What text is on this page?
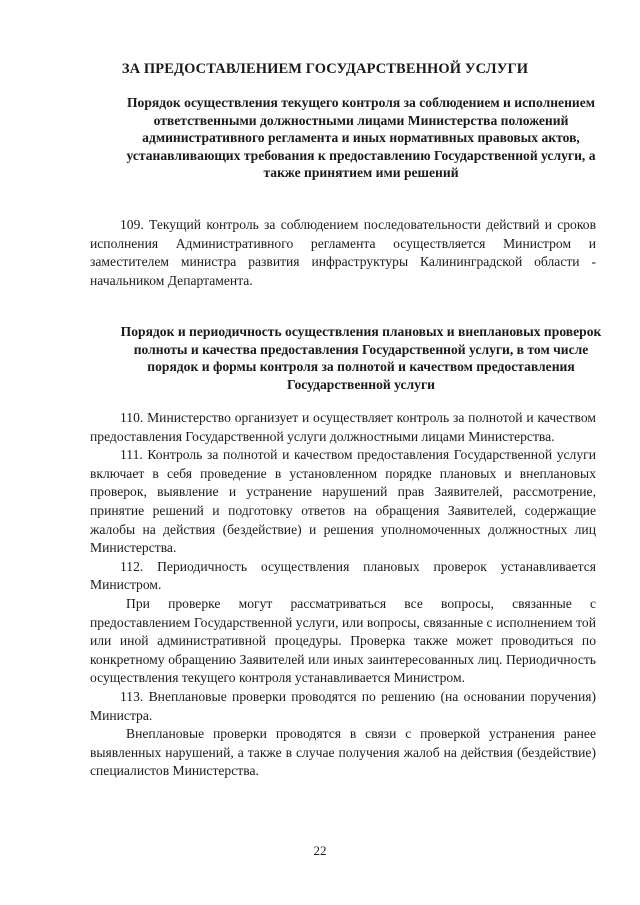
ЗА ПРЕДОСТАВЛЕНИЕМ ГОСУДАРСТВЕННОЙ УСЛУГИ
Порядок осуществления текущего контроля за соблюдением и исполнением ответственными должностными лицами Министерства положений административного регламента и иных нормативных правовых актов, устанавливающих требования к предоставлению Государственной услуги, а также принятием ими решений

109. Текущий контроль за соблюдением последовательности действий и сроков исполнения Административного регламента осуществляется Министром и заместителем министра развития инфраструктуры Калининградской области - начальником Департамента.

Порядок и периодичность осуществления плановых и внеплановых проверок полноты и качества предоставления Государственной услуги, в том числе порядок и формы контроля за полнотой и качеством предоставления Государственной услуги

110. Министерство организует и осуществляет контроль за полнотой и качеством предоставления Государственной услуги должностными лицами Министерства.

111. Контроль за полнотой и качеством предоставления Государственной услуги включает в себя проведение в установленном порядке плановых и внеплановых проверок, выявление и устранение нарушений прав Заявителей, рассмотрение, принятие решений и подготовку ответов на обращения Заявителей, содержащие жалобы на действия (бездействие) и решения уполномоченных должностных лиц Министерства.

112. Периодичность осуществления плановых проверок устанавливается Министром.

При проверке могут рассматриваться все вопросы, связанные с предоставлением Государственной услуги, или вопросы, связанные с исполнением той или иной административной процедуры. Проверка также может проводиться по конкретному обращению Заявителей или иных заинтересованных лиц. Периодичность осуществления текущего контроля устанавливается Министром.

113. Внеплановые проверки проводятся по решению (на основании поручения) Министра.

Внеплановые проверки проводятся в связи с проверкой устранения ранее выявленных нарушений, а также в случае получения жалоб на действия (бездействие) специалистов Министерства.

22
